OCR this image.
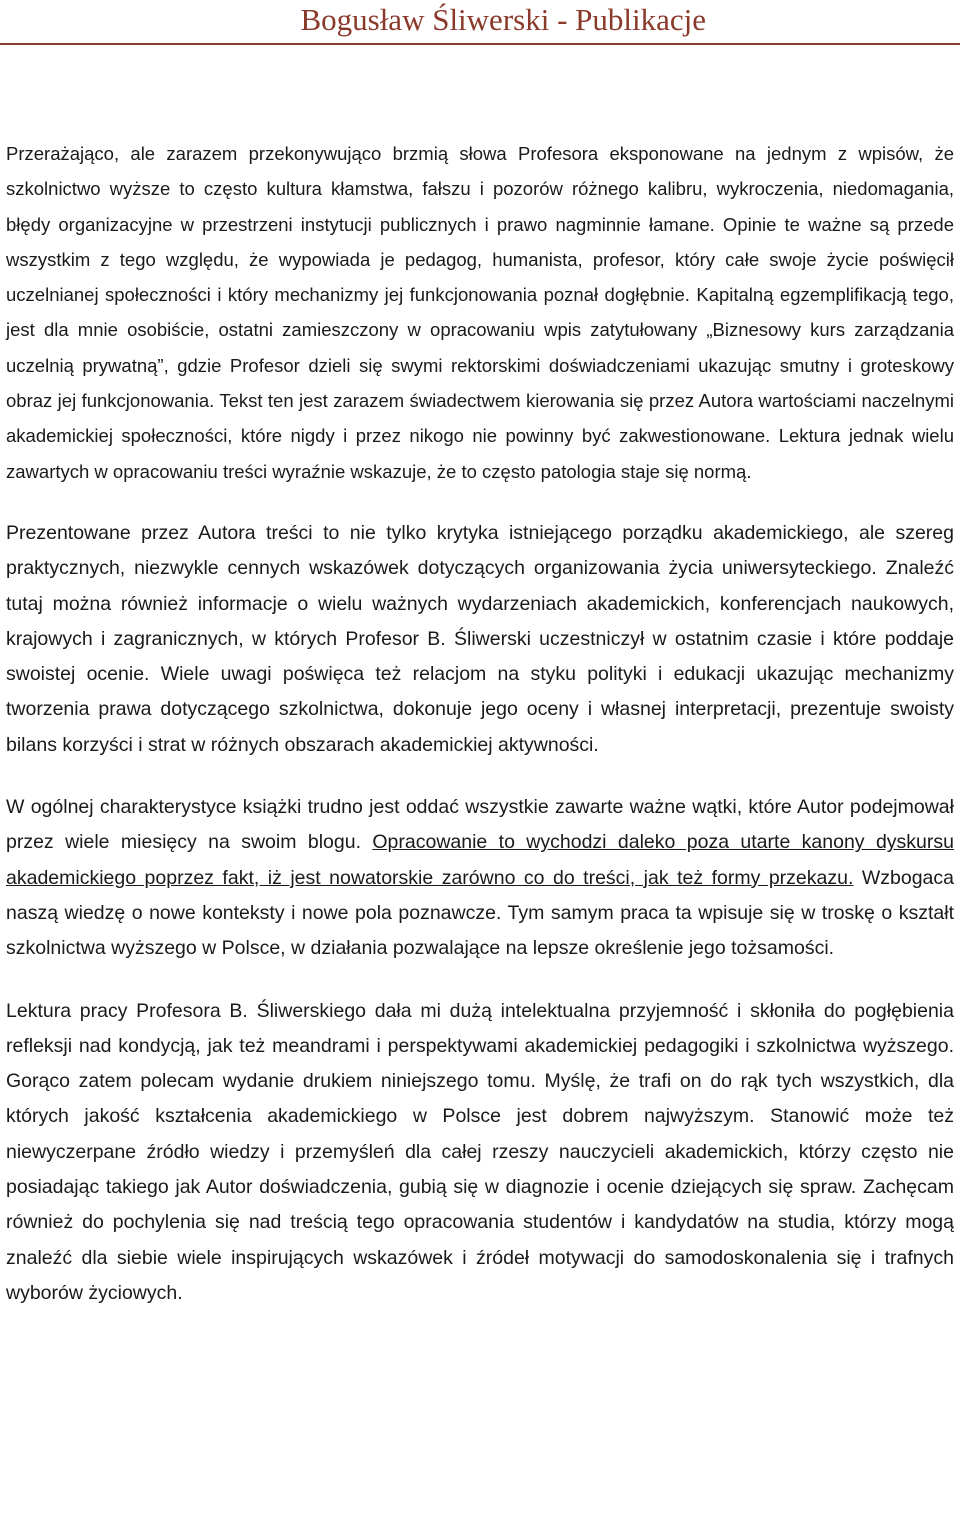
Bogusław Śliwerski - Publikacje

Przerażająco, ale zarazem przekonywująco brzmią słowa Profesora eksponowane na jednym z wpisów, że szkolnictwo wyższe to często kultura kłamstwa, fałszu i pozorów różnego kalibru, wykroczenia, niedomagania, błędy organizacyjne w przestrzeni instytucji publicznych i prawo nagminnie łamane. Opinie te ważne są przede wszystkim z tego względu, że wypowiada je pedagog, humanista, profesor, który całe swoje życie poświęcił uczelnianej społeczności i który mechanizmy jej funkcjonowania poznał dogłębnie. Kapitalną egzemplifikacją tego, jest dla mnie osobiście, ostatni zamieszczony w opracowaniu wpis zatytułowany „Biznesowy kurs zarządzania uczelnią prywatną”, gdzie Profesor dzieli się swymi rektorskimi doświadczeniami ukazując smutny i groteskowy obraz jej funkcjonowania. Tekst ten jest zarazem świadectwem kierowania się przez Autora wartościami naczelnymi akademickiej społeczności, które nigdy i przez nikogo nie powinny być zakwestionowane. Lektura jednak wielu zawartych w opracowaniu treści wyraźnie wskazuje, że to często patologia staje się normą.

Prezentowane przez Autora treści to nie tylko krytyka istniejącego porządku akademickiego, ale szereg praktycznych, niezwykle cennych wskazówek dotyczących organizowania życia uniwersyteckiego. Znaleźć tutaj można również informacje o wielu ważnych wydarzeniach akademickich, konferencjach naukowych, krajowych i zagranicznych, w których Profesor B. Śliwerski uczestniczył w ostatnim czasie i które poddaje swoistej ocenie. Wiele uwagi poświęca też relacjom na styku polityki i edukacji ukazując mechanizmy tworzenia prawa dotyczącego szkolnictwa, dokonuje jego oceny i własnej interpretacji, prezentuje swoisty bilans korzyści i strat w różnych obszarach akademickiej aktywności.

W ogólnej charakterystyce książki trudno jest oddać wszystkie zawarte ważne wątki, które Autor podejmował przez wiele miesięcy na swoim blogu. Opracowanie to wychodzi daleko poza utarte kanony dyskursu akademickiego poprzez fakt, iż jest nowatorskie zarówno co do treści, jak też formy przekazu. Wzbogaca naszą wiedzę o nowe konteksty i nowe pola poznawcze. Tym samym praca ta wpisuje się w troskę o kształt szkolnictwa wyższego w Polsce, w działania pozwalające na lepsze określenie jego tożsamości.

Lektura pracy Profesora B. Śliwerskiego dała mi dużą intelektualna przyjemność i skłoniła do pogłębienia refleksji nad kondycją, jak też meandrami i perspektywami akademickiej pedagogiki i szkolnictwa wyższego. Gorąco zatem polecam wydanie drukiem niniejszego tomu. Myślę, że trafi on do rąk tych wszystkich, dla których jakość kształcenia akademickiego w Polsce jest dobrem najwyższym. Stanowić może też niewyczerpane źródło wiedzy i przemyśleń dla całej rzeszy nauczycieli akademickich, którzy często nie posiadając takiego jak Autor doświadczenia, gubią się w diagnozie i ocenie dziejących się spraw. Zachęcam również do pochylenia się nad treścią tego opracowania studentów i kandydatów na studia, którzy mogą znaleźć dla siebie wiele inspirujących wskazówek i źródeł motywacji do samodoskonalenia się i trafnych wyborów życiowych.
